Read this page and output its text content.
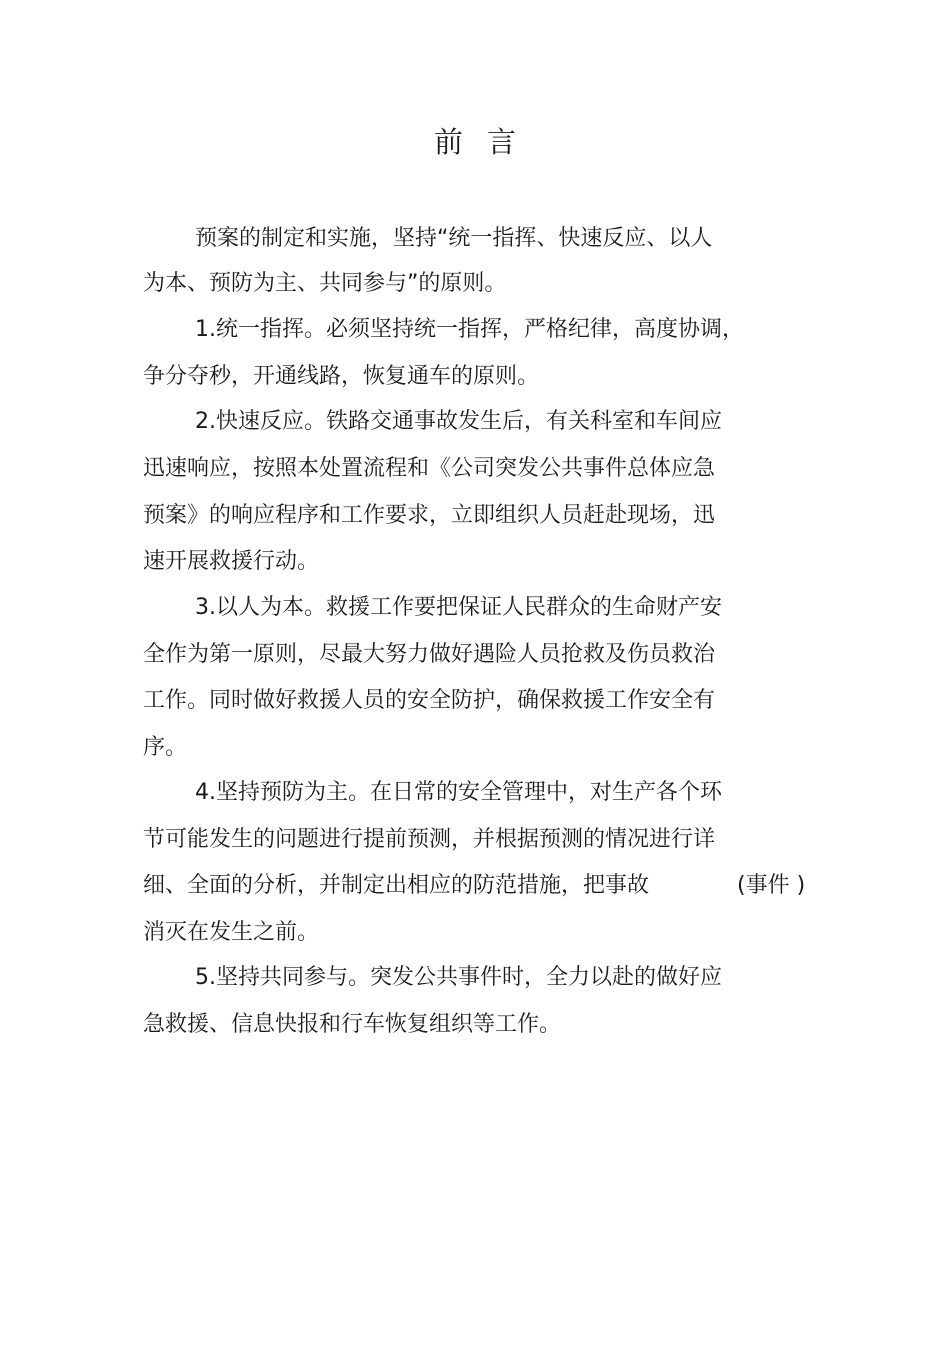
前言
预案的制定和实施，坚持“统一指挥、快速反应、以人
为本、预防为主、共同参与”的原则。
1.统一指挥。必须坚持统一指挥，严格纪律，高度协调，
争分夺秒，开通线路，恢复通车的原则。
2.快速反应。铁路交通事故发生后，有关科室和车间应
迅速响应，按照本处置流程和《公司突发公共事件总体应急
预案》的响应程序和工作要求，立即组织人员赶赴现场，迅
速开展救援行动。
3.以人为本。救援工作要把保证人民群众的生命财产安
全作为第一原则，尽最大努力做好遇险人员抢救及伤员救治
工作。同时做好救援人员的安全防护，确保救援工作安全有
序。
4.坚持预防为主。在日常的安全管理中，对生产各个环
节可能发生的问题进行提前预测，并根据预测的情况进行详
细、全面的分析，并制定出相应的防范措施，把事故	(事件 )
消灭在发生之前。
5.坚持共同参与。突发公共事件时，全力以赴的做好应
急救援、信息快报和行车恢复组织等工作。
